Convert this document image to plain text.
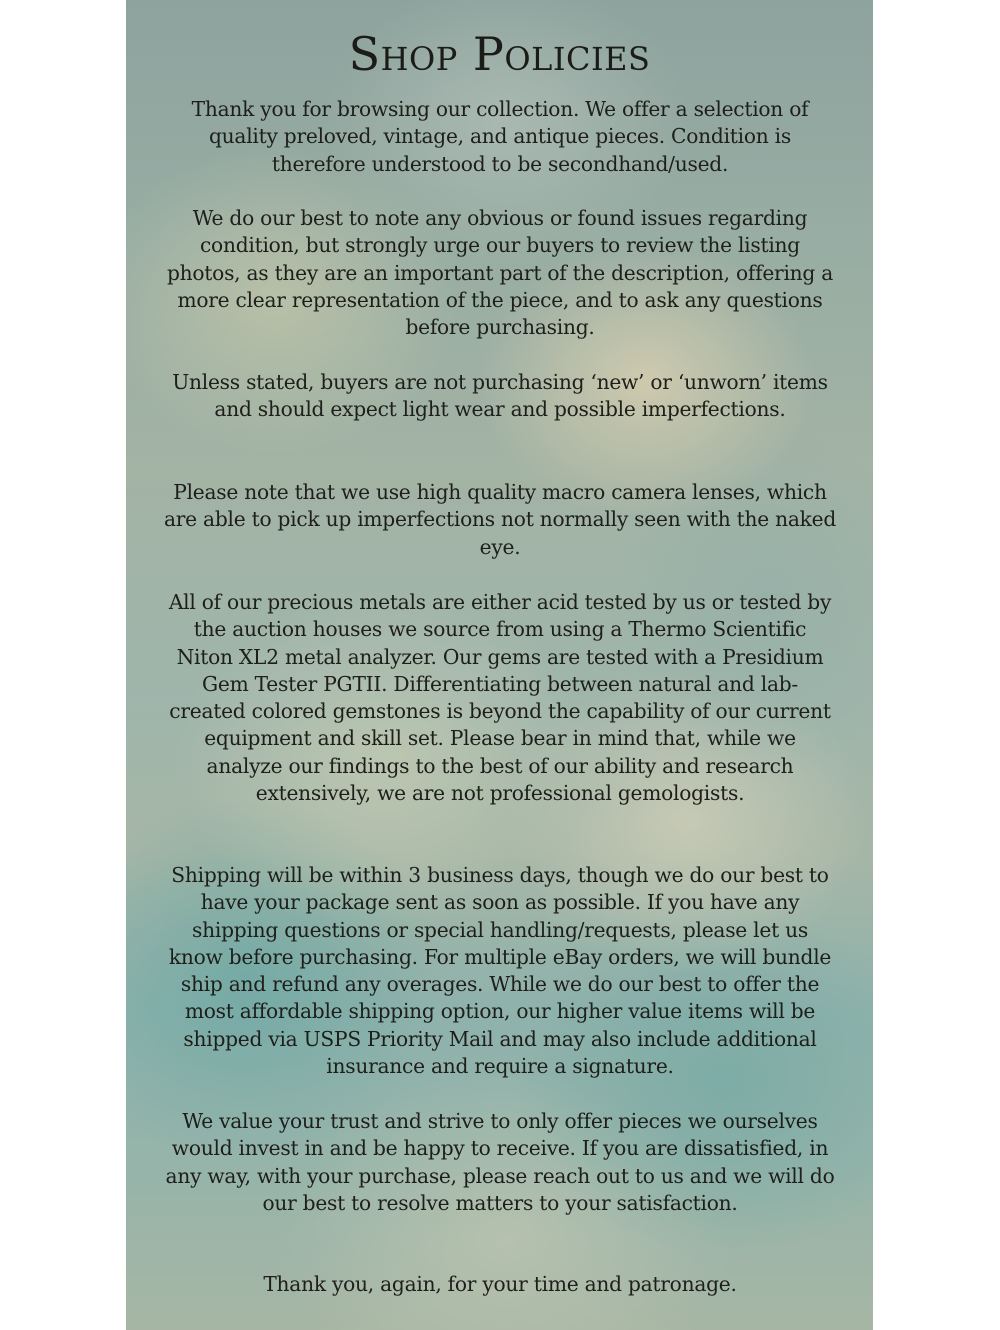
Shop Policies

Thank you for browsing our collection. We offer a selection of quality preloved, vintage, and antique pieces. Condition is therefore understood to be secondhand/used.

We do our best to note any obvious or found issues regarding condition, but strongly urge our buyers to review the listing photos, as they are an important part of the description, offering a more clear representation of the piece, and to ask any questions before purchasing.

Unless stated, buyers are not purchasing ‘new’ or ‘unworn’ items and should expect light wear and possible imperfections.

Please note that we use high quality macro camera lenses, which are able to pick up imperfections not normally seen with the naked eye.

All of our precious metals are either acid tested by us or tested by the auction houses we source from using a Thermo Scientific Niton XL2 metal analyzer. Our gems are tested with a Presidium Gem Tester PGTII. Differentiating between natural and lab-created colored gemstones is beyond the capability of our current equipment and skill set. Please bear in mind that, while we analyze our findings to the best of our ability and research extensively, we are not professional gemologists.

Shipping will be within 3 business days, though we do our best to have your package sent as soon as possible. If you have any shipping questions or special handling/requests, please let us know before purchasing. For multiple eBay orders, we will bundle ship and refund any overages. While we do our best to offer the most affordable shipping option, our higher value items will be shipped via USPS Priority Mail and may also include additional insurance and require a signature.

We value your trust and strive to only offer pieces we ourselves would invest in and be happy to receive. If you are dissatisfied, in any way, with your purchase, please reach out to us and we will do our best to resolve matters to your satisfaction.

Thank you, again, for your time and patronage.
